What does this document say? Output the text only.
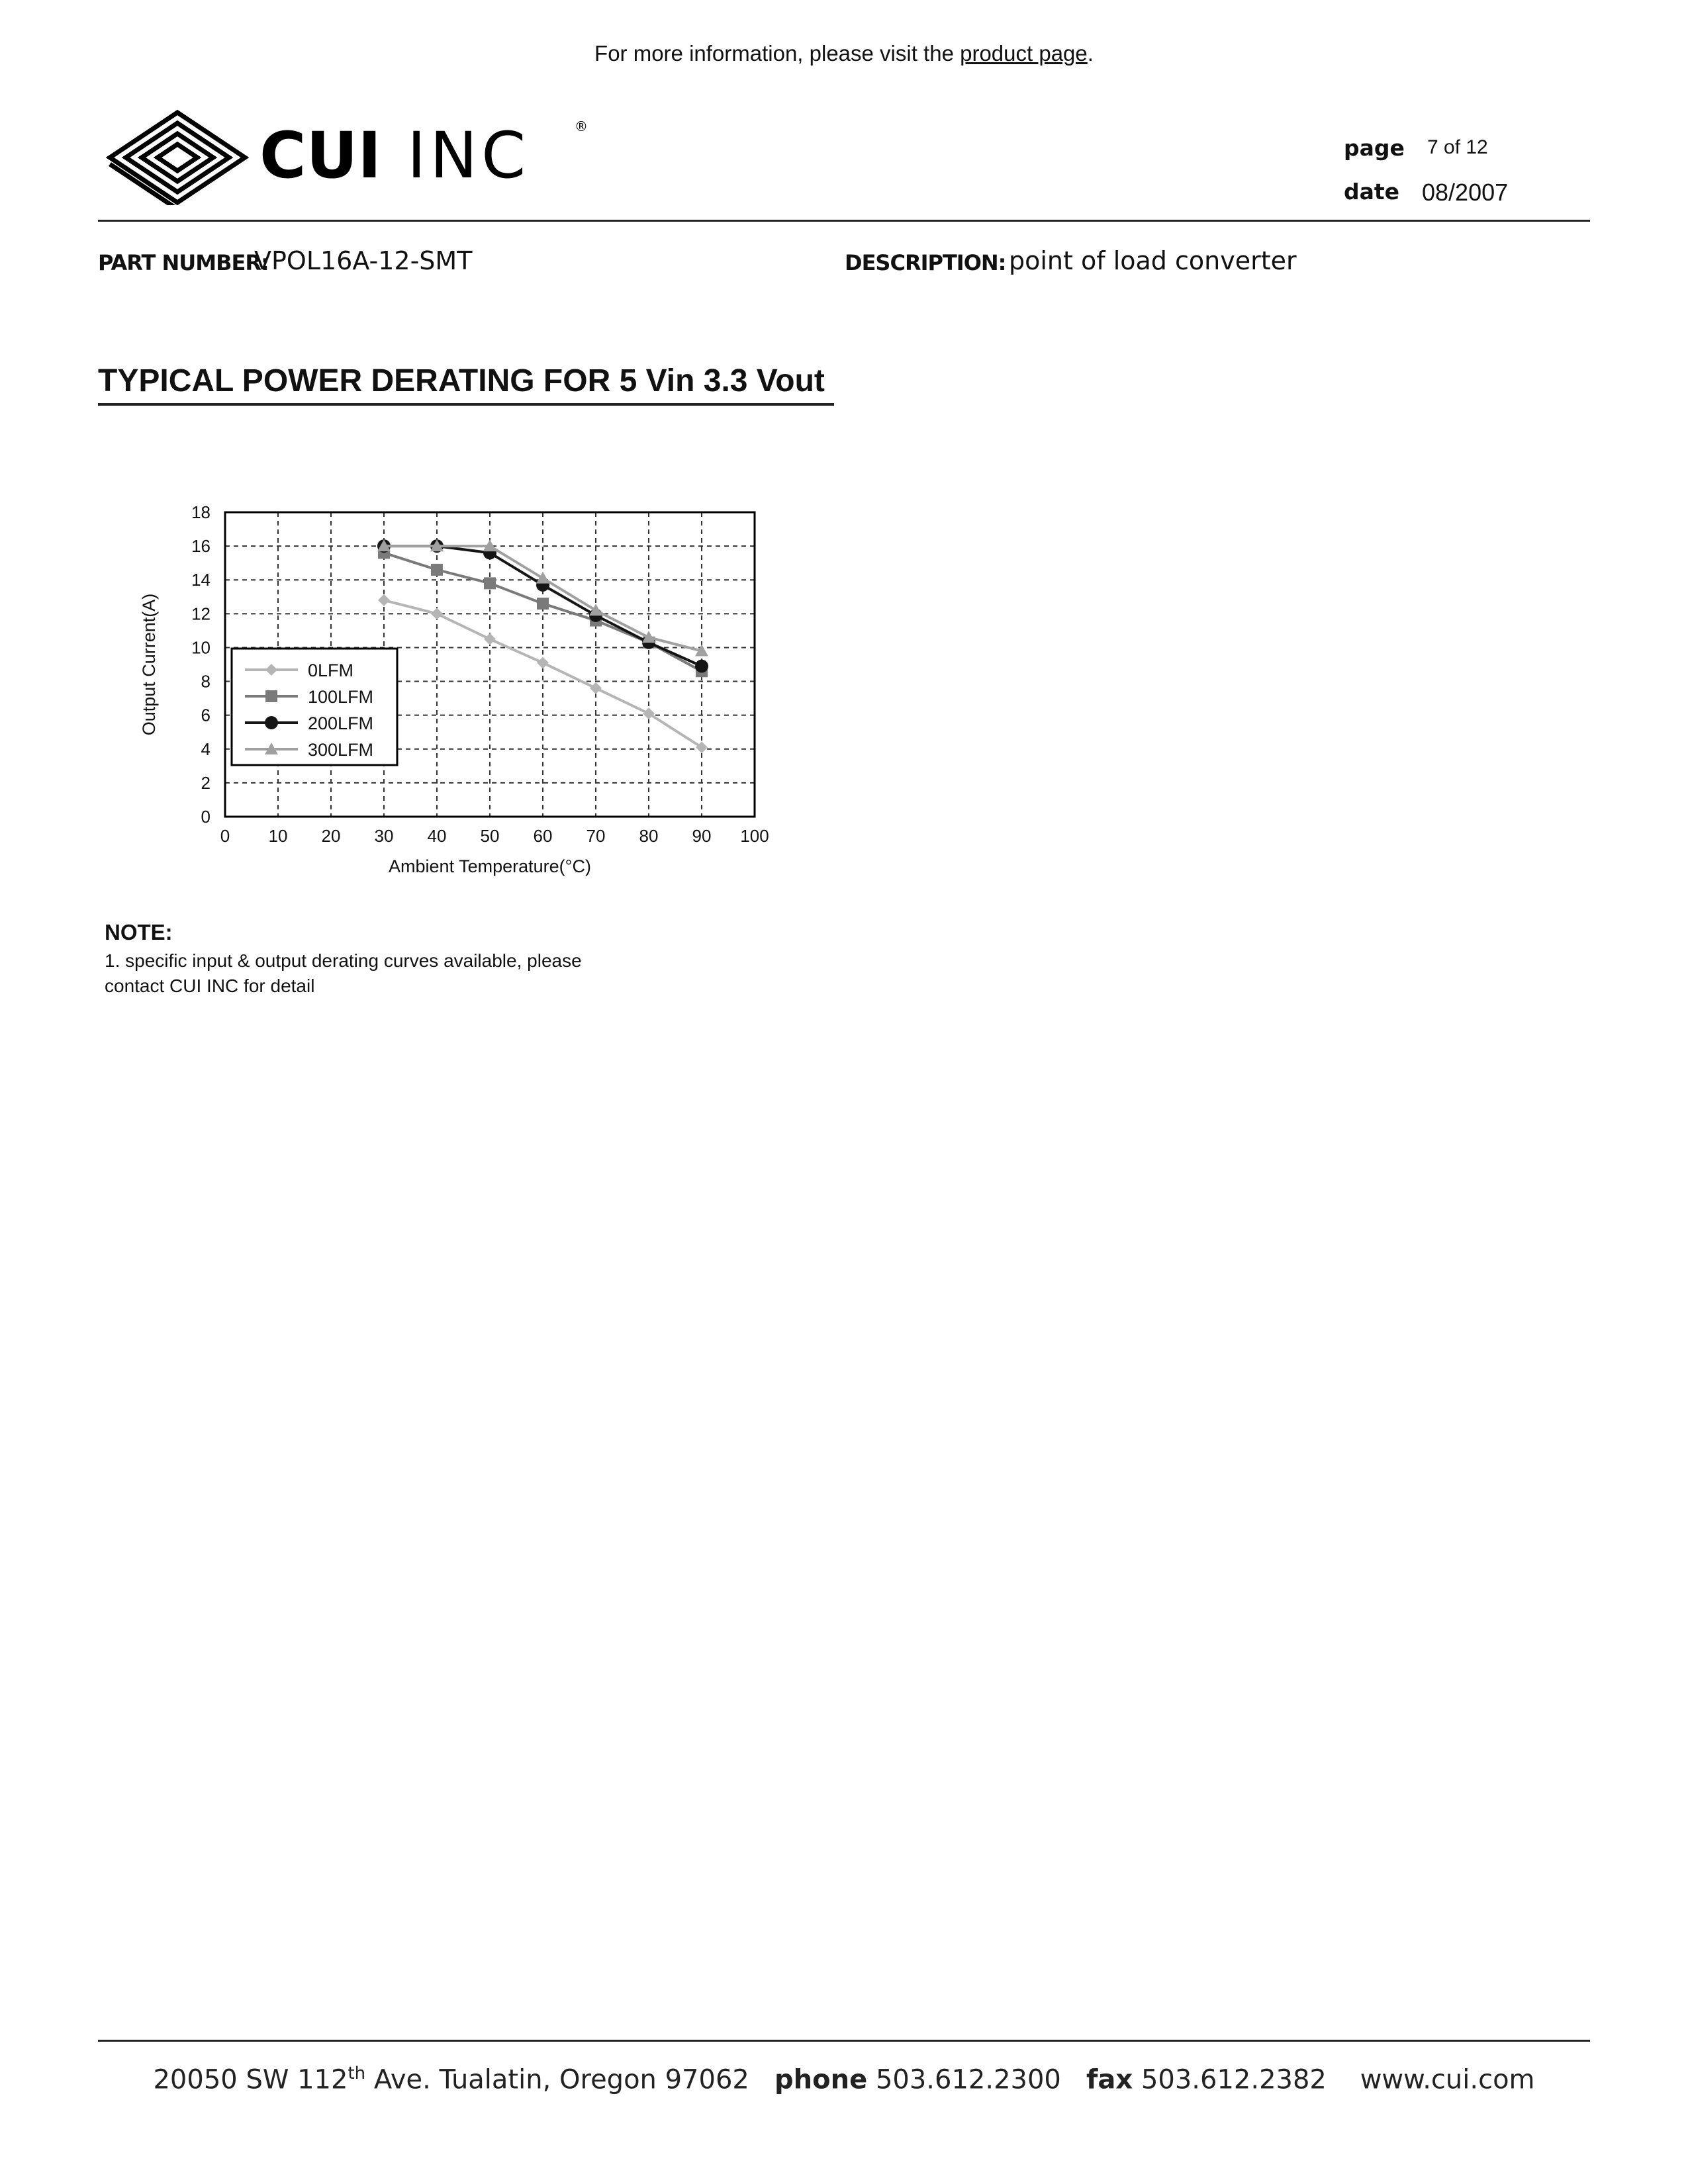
For more information, please visit the product page.
CUI INC	®
page 7 of 12
date 08/2007
PART NUMBER:
VPOL16A-12-SMT	DESCRIPTION: point of load converter
TYPICAL POWER DERATING FOR 5 Vin 3.3 Vout
0 10 20 30 40 50 60 70 80 90 100
0
2
4
6
8
10
12
14
16
18
0LFM
100LFM
200LFM
300LFM
Ambient Temperature(°C)
Output Current(A)
NOTE:
1. specific input & output derating curves available, please
contact CUI INC for detail
20050 SW 112th Ave. Tualatin, Oregon 97062 phone 503.612.2300 fax 503.612.2382 www.cui.com
